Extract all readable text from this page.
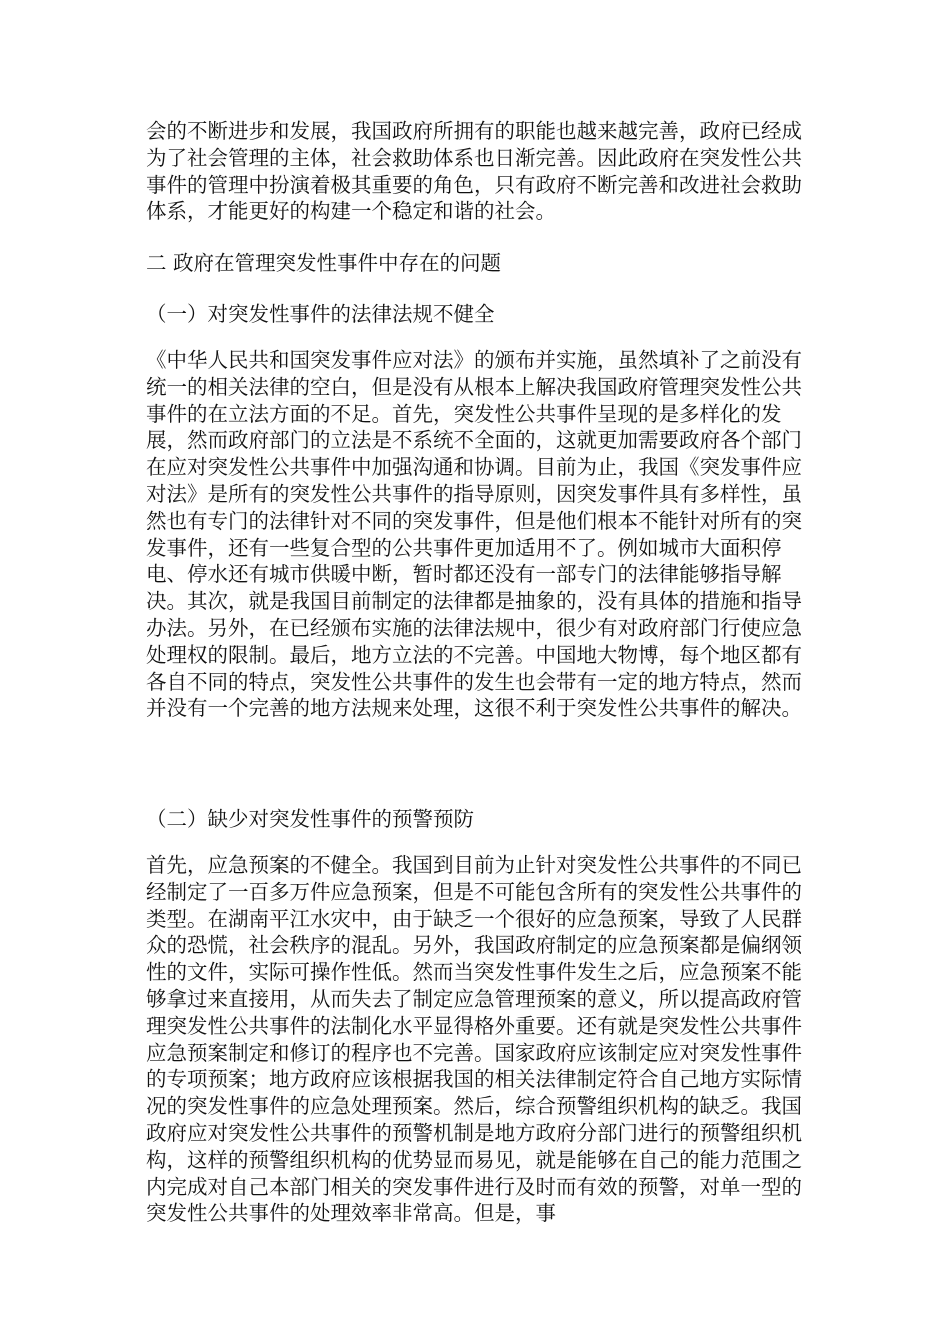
会的不断进步和发展，我国政府所拥有的职能也越来越完善，政府已经成为了社会管理的主体，社会救助体系也日渐完善。因此政府在突发性公共事件的管理中扮演着极其重要的角色，只有政府不断完善和改进社会救助体系，才能更好的构建一个稳定和谐的社会。

二 政府在管理突发性事件中存在的问题

（一）对突发性事件的法律法规不健全

《中华人民共和国突发事件应对法》的颁布并实施，虽然填补了之前没有统一的相关法律的空白，但是没有从根本上解决我国政府管理突发性公共事件的在立法方面的不足。首先，突发性公共事件呈现的是多样化的发展，然而政府部门的立法是不系统不全面的，这就更加需要政府各个部门在应对突发性公共事件中加强沟通和协调。目前为止，我国《突发事件应对法》是所有的突发性公共事件的指导原则，因突发事件具有多样性，虽然也有专门的法律针对不同的突发事件，但是他们根本不能针对所有的突发事件，还有一些复合型的公共事件更加适用不了。例如城市大面积停电、停水还有城市供暖中断，暂时都还没有一部专门的法律能够指导解决。其次，就是我国目前制定的法律都是抽象的，没有具体的措施和指导办法。另外，在已经颁布实施的法律法规中，很少有对政府部门行使应急处理权的限制。最后，地方立法的不完善。中国地大物博，每个地区都有各自不同的特点，突发性公共事件的发生也会带有一定的地方特点，然而并没有一个完善的地方法规来处理，这很不利于突发性公共事件的解决。

（二）缺少对突发性事件的预警预防

首先，应急预案的不健全。我国到目前为止针对突发性公共事件的不同已经制定了一百多万件应急预案，但是不可能包含所有的突发性公共事件的类型。在湖南平江水灾中，由于缺乏一个很好的应急预案，导致了人民群众的恐慌，社会秩序的混乱。另外，我国政府制定的应急预案都是偏纲领性的文件，实际可操作性低。然而当突发性事件发生之后，应急预案不能够拿过来直接用，从而失去了制定应急管理预案的意义，所以提高政府管理突发性公共事件的法制化水平显得格外重要。还有就是突发性公共事件应急预案制定和修订的程序也不完善。国家政府应该制定应对突发性事件的专项预案；地方政府应该根据我国的相关法律制定符合自己地方实际情况的突发性事件的应急处理预案。然后，综合预警组织机构的缺乏。我国政府应对突发性公共事件的预警机制是地方政府分部门进行的预警组织机构，这样的预警组织机构的优势显而易见，就是能够在自己的能力范围之内完成对自己本部门相关的突发事件进行及时而有效的预警，对单一型的突发性公共事件的处理效率非常高。但是，事
